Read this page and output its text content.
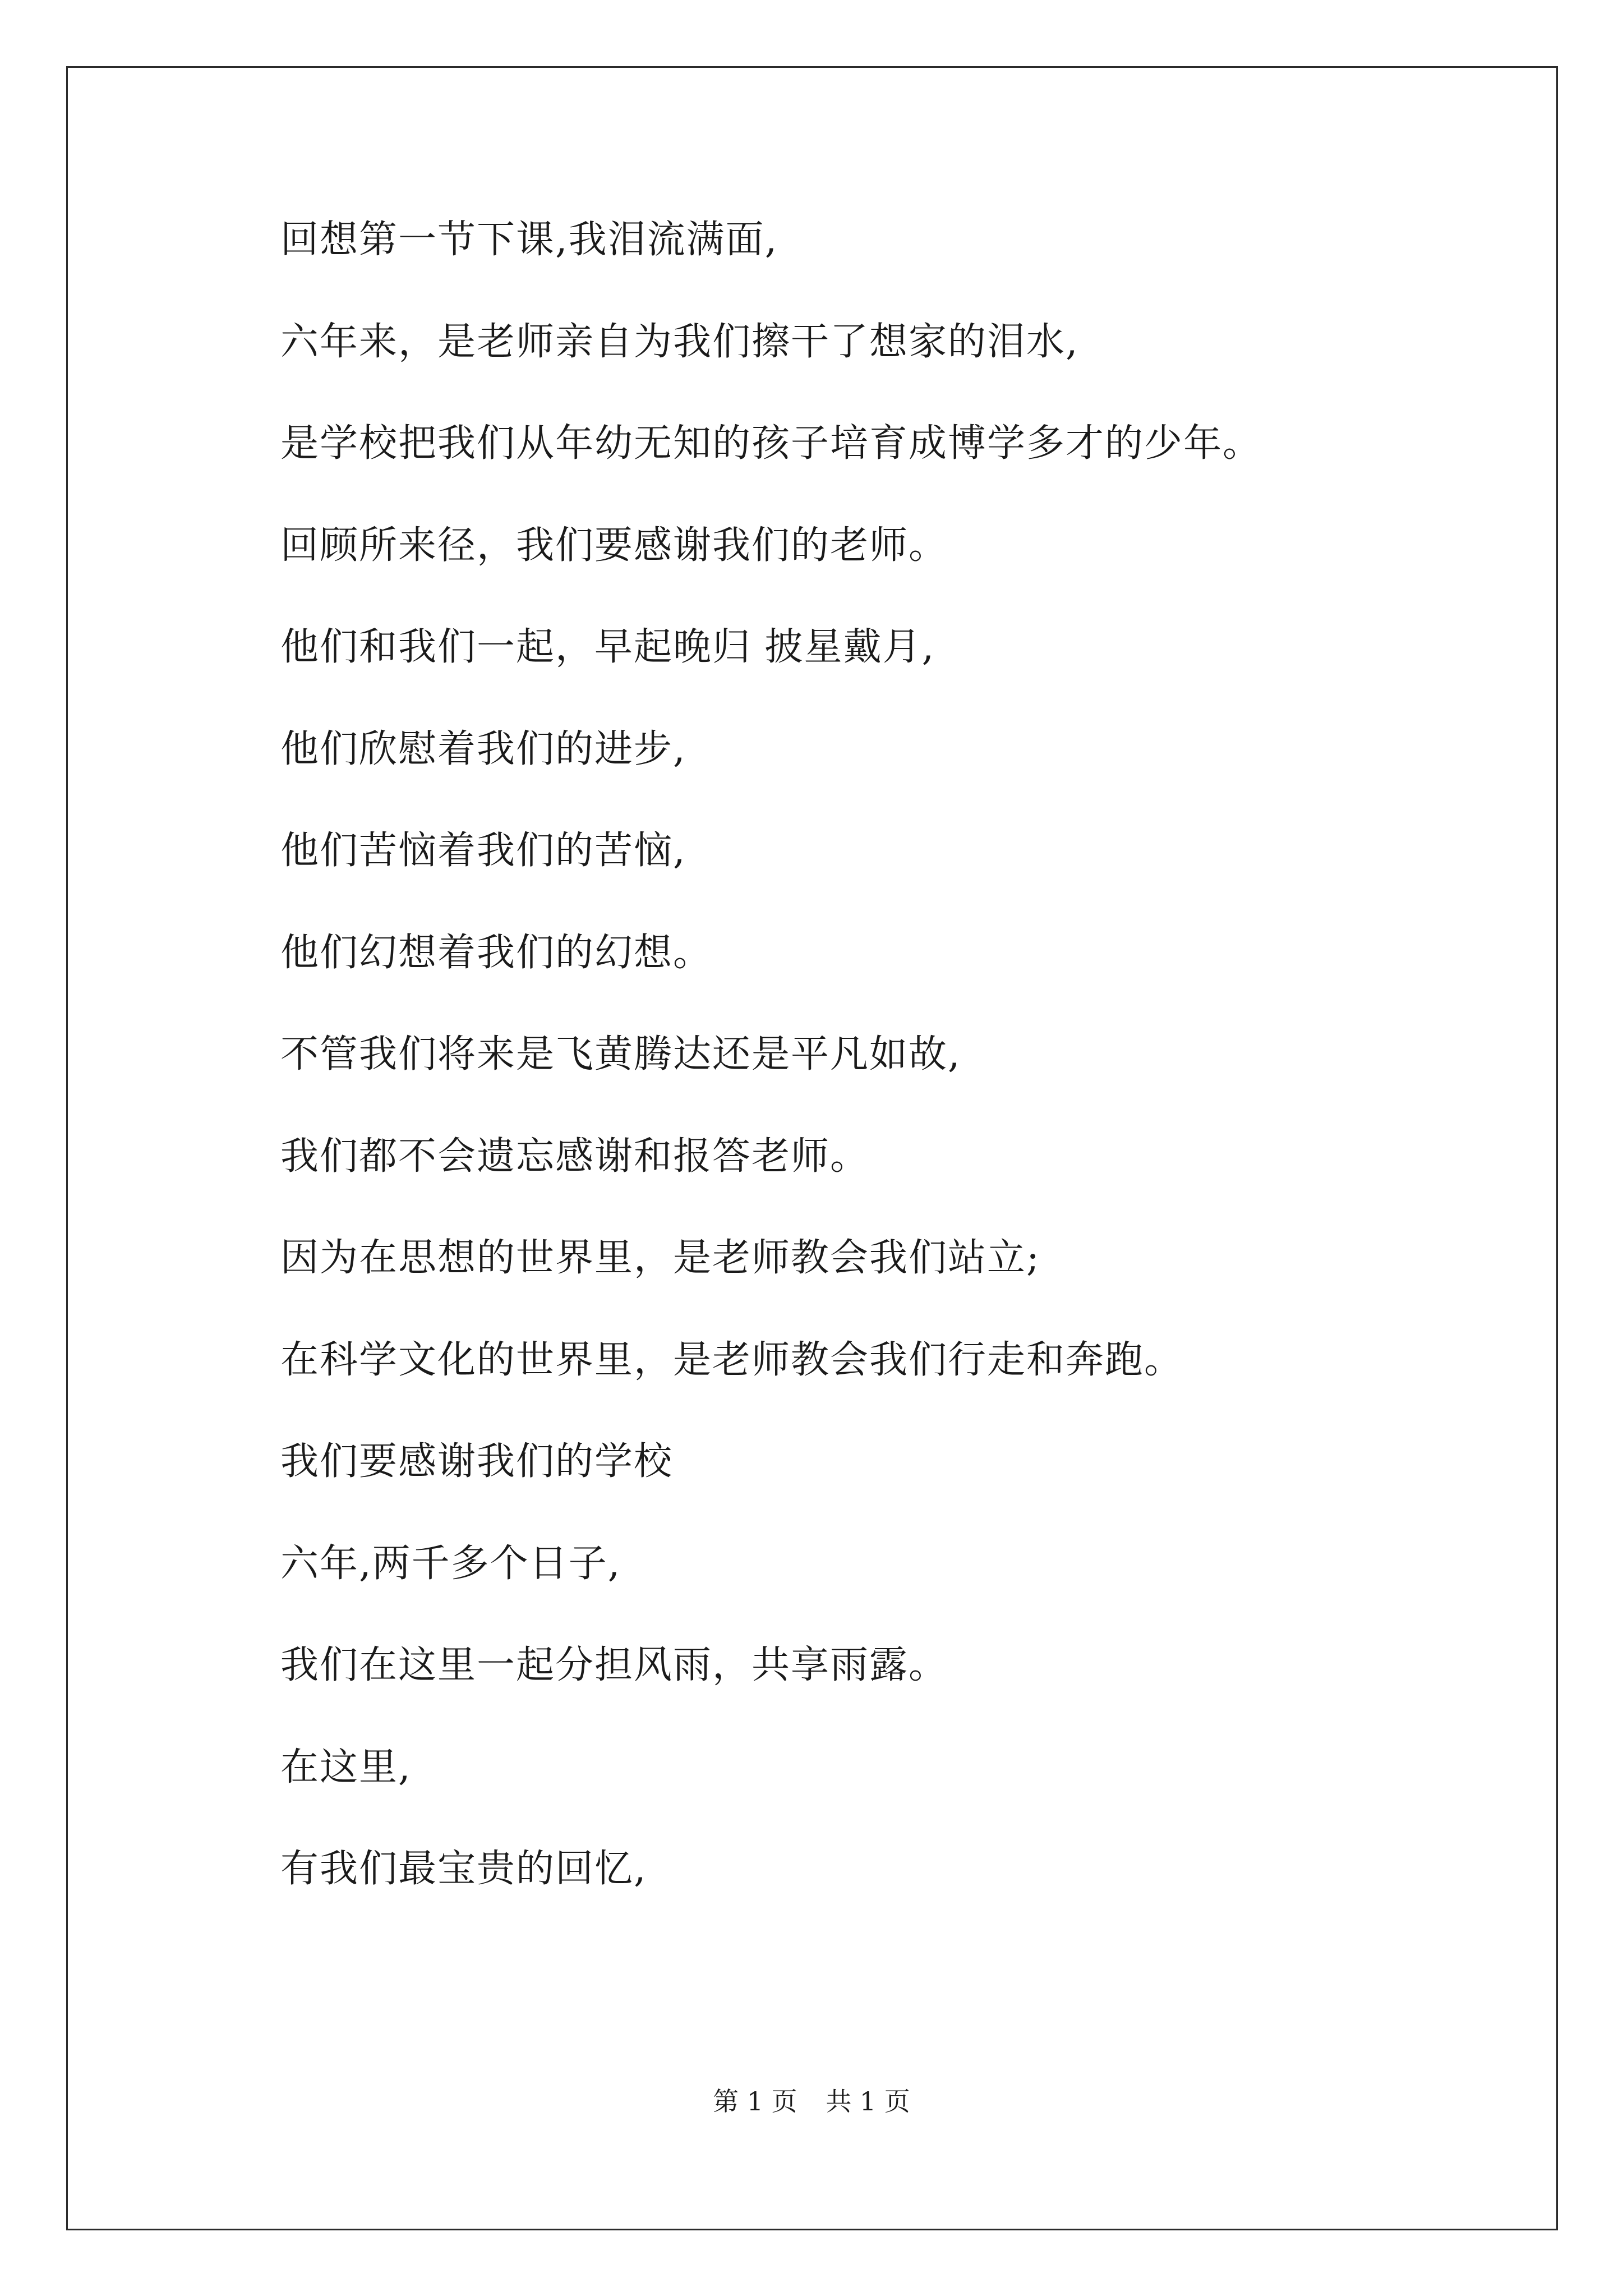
回想第一节下课,我泪流满面,
六年来，是老师亲自为我们擦干了想家的泪水,
是学校把我们从年幼无知的孩子培育成博学多才的少年。
回顾所来径，我们要感谢我们的老师。
他们和我们一起，早起晚归 披星戴月,
他们欣慰着我们的进步,
他们苦恼着我们的苦恼,
他们幻想着我们的幻想。
不管我们将来是飞黄腾达还是平凡如故,
我们都不会遗忘感谢和报答老师。
因为在思想的世界里，是老师教会我们站立;
在科学文化的世界里，是老师教会我们行走和奔跑。
我们要感谢我们的学校
六年,两千多个日子,
我们在这里一起分担风雨，共享雨露。
在这里,
有我们最宝贵的回忆,
第 1 页 共 1 页
